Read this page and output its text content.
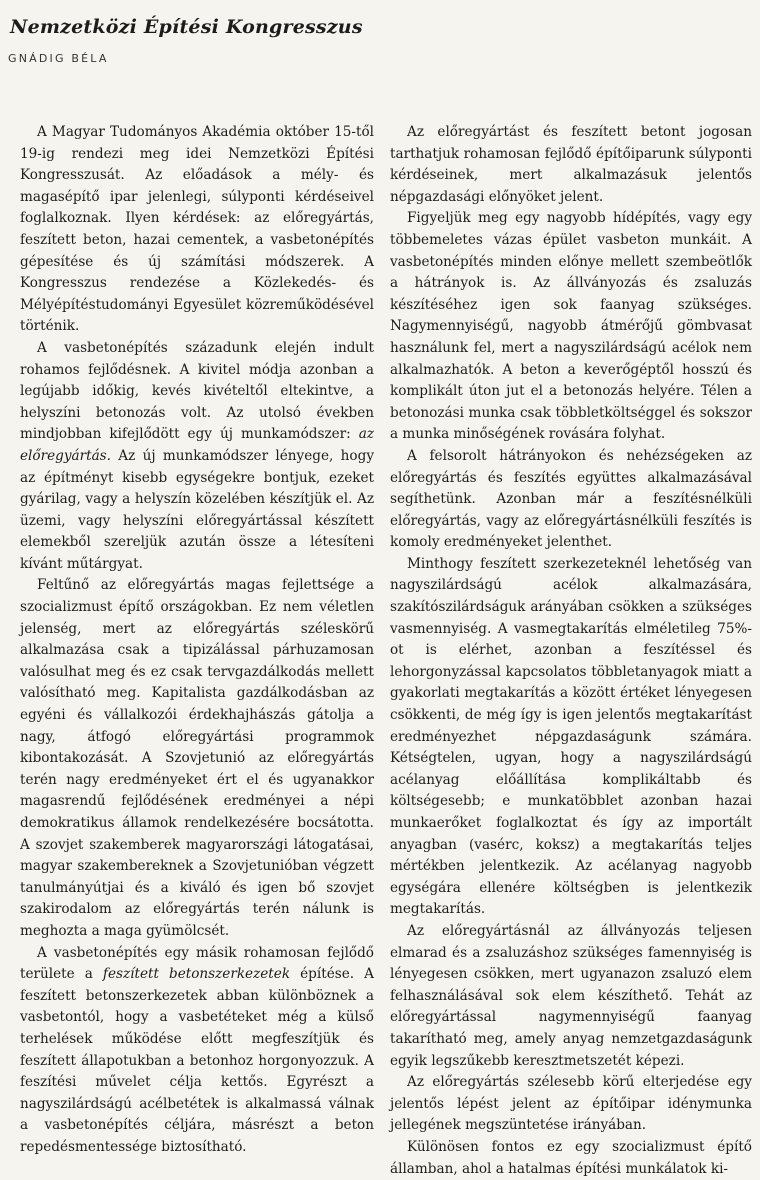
Nemzetközi Építési Kongresszus
GNÁDIG BÉLA

A Magyar Tudományos Akadémia október 15-től 19-ig rendezi meg idei Nemzetközi Építési Kongresszusát. Az előadások a mély- és magasépítő ipar jelenlegi, súlyponti kérdéseivel foglalkoznak. Ilyen kérdések: az előregyártás, feszített beton, hazai cementek, a vasbetonépítés gépesítése és új számítási módszerek. A Kongresszus rendezése a Közlekedés- és Mélyépítéstudományi Egyesület közreműködésével történik.

A vasbetonépítés századunk elején indult rohamos fejlődésnek. A kivitel módja azonban a legújabb időkig, kevés kivételtől eltekintve, a helyszíni betonozás volt. Az utolsó években mindjobban kifejlődött egy új munkamódszer: az előregyártás. Az új munkamódszer lényege, hogy az építményt kisebb egységekre bontjuk, ezeket gyárilag, vagy a helyszín közelében készítjük el. Az üzemi, vagy helyszíni előregyártással készített elemekből szereljük azután össze a létesíteni kívánt műtárgyat.

Feltűnő az előregyártás magas fejlettsége a szocializmust építő országokban. Ez nem véletlen jelenség, mert az előregyártás széleskörű alkalmazása csak a tipizálással párhuzamosan valósulhat meg és ez csak tervgazdálkodás mellett valósítható meg. Kapitalista gazdálkodásban az egyéni és vállalkozói érdekhajhászás gátolja a nagy, átfogó előregyártási programmok kibontakozását. A Szovjetunió az előregyártás terén nagy eredményeket ért el és ugyanakkor magasrendű fejlődésének eredményei a népi demokratikus államok rendelkezésére bocsátotta. A szovjet szakemberek magyarországi látogatásai, magyar szakembereknek a Szovjetunióban végzett tanulmányútjai és a kiváló és igen bő szovjet szakirodalom az előregyártás terén nálunk is meghozta a maga gyümölcsét.

A vasbetonépítés egy másik rohamosan fejlődő területe a feszített betonszerkezetek építése. A feszített betonszerkezetek abban különböznek a vasbetontól, hogy a vasbetéteket még a külső terhelések működése előtt megfeszítjük és feszített állapotukban a betonhoz horgonyozzuk. A feszítési művelet célja kettős. Egyrészt a nagyszilárdságú acélbetétek is alkalmassá válnak a vasbetonépítés céljára, másrészt a beton repedésmentessége biztosítható.

Az előregyártást és feszített betont jogosan tarthatjuk rohamosan fejlődő építőiparunk súlyponti kérdéseinek, mert alkalmazásuk jelentős népgazdasági előnyöket jelent.

Figyeljük meg egy nagyobb hídépítés, vagy egy többemeletes vázas épület vasbeton munkáit. A vasbetonépítés minden előnye mellett szembeötlők a hátrányok is. Az állványozás és zsaluzás készítéséhez igen sok faanyag szükséges. Nagymennyiségű, nagyobb átmérőjű gömbvasat használunk fel, mert a nagyszilárdságú acélok nem alkalmazhatók. A beton a keverőgéptől hosszú és komplikált úton jut el a betonozás helyére. Télen a betonozási munka csak többletköltséggel és sokszor a munka minőségének rovására folyhat.

A felsorolt hátrányokon és nehézségeken az előregyártás és feszítés együttes alkalmazásával segíthetünk. Azonban már a feszítésnélküli előregyártás, vagy az előregyártásnélküli feszítés is komoly eredményeket jelenthet.

Minthogy feszített szerkezeteknél lehetőség van nagyszilárdságú acélok alkalmazására, szakítószilárdságuk arányában csökken a szükséges vasmennyiség. A vasmegtakarítás elméletileg 75%-ot is elérhet, azonban a feszítéssel és lehorgonyzással kapcsolatos többletanyagok miatt a gyakorlati megtakarítás a között értéket lényegesen csökkenti, de még így is igen jelentős megtakarítást eredményezhet népgazdaságunk számára. Kétségtelen, ugyan, hogy a nagyszilárdságú acélanyag előállítása komplikáltabb és költségesebb; e munkatöbblet azonban hazai munkaerőket foglalkoztat és így az importált anyagban (vasérc, koksz) a megtakarítás teljes mértékben jelentkezik. Az acélanyag nagyobb egységára ellenére költségben is jelentkezik megtakarítás.

Az előregyártásnál az állványozás teljesen elmarad és a zsaluzáshoz szükséges famennyiség is lényegesen csökken, mert ugyanazon zsaluzó elem felhasználásával sok elem készíthető. Tehát az előregyártással nagymennyiségű faanyag takarítható meg, amely anyag nemzetgazdaságunk egyik legszűkebb keresztmetszetét képezi.

Az előregyártás szélesebb körű elterjedése egy jelentős lépést jelent az építőipar idénymunka jellegének megszüntetése irányában.

Különösen fontos ez egy szocializmust építő államban, ahol a hatalmas építési munkálatok ki-
